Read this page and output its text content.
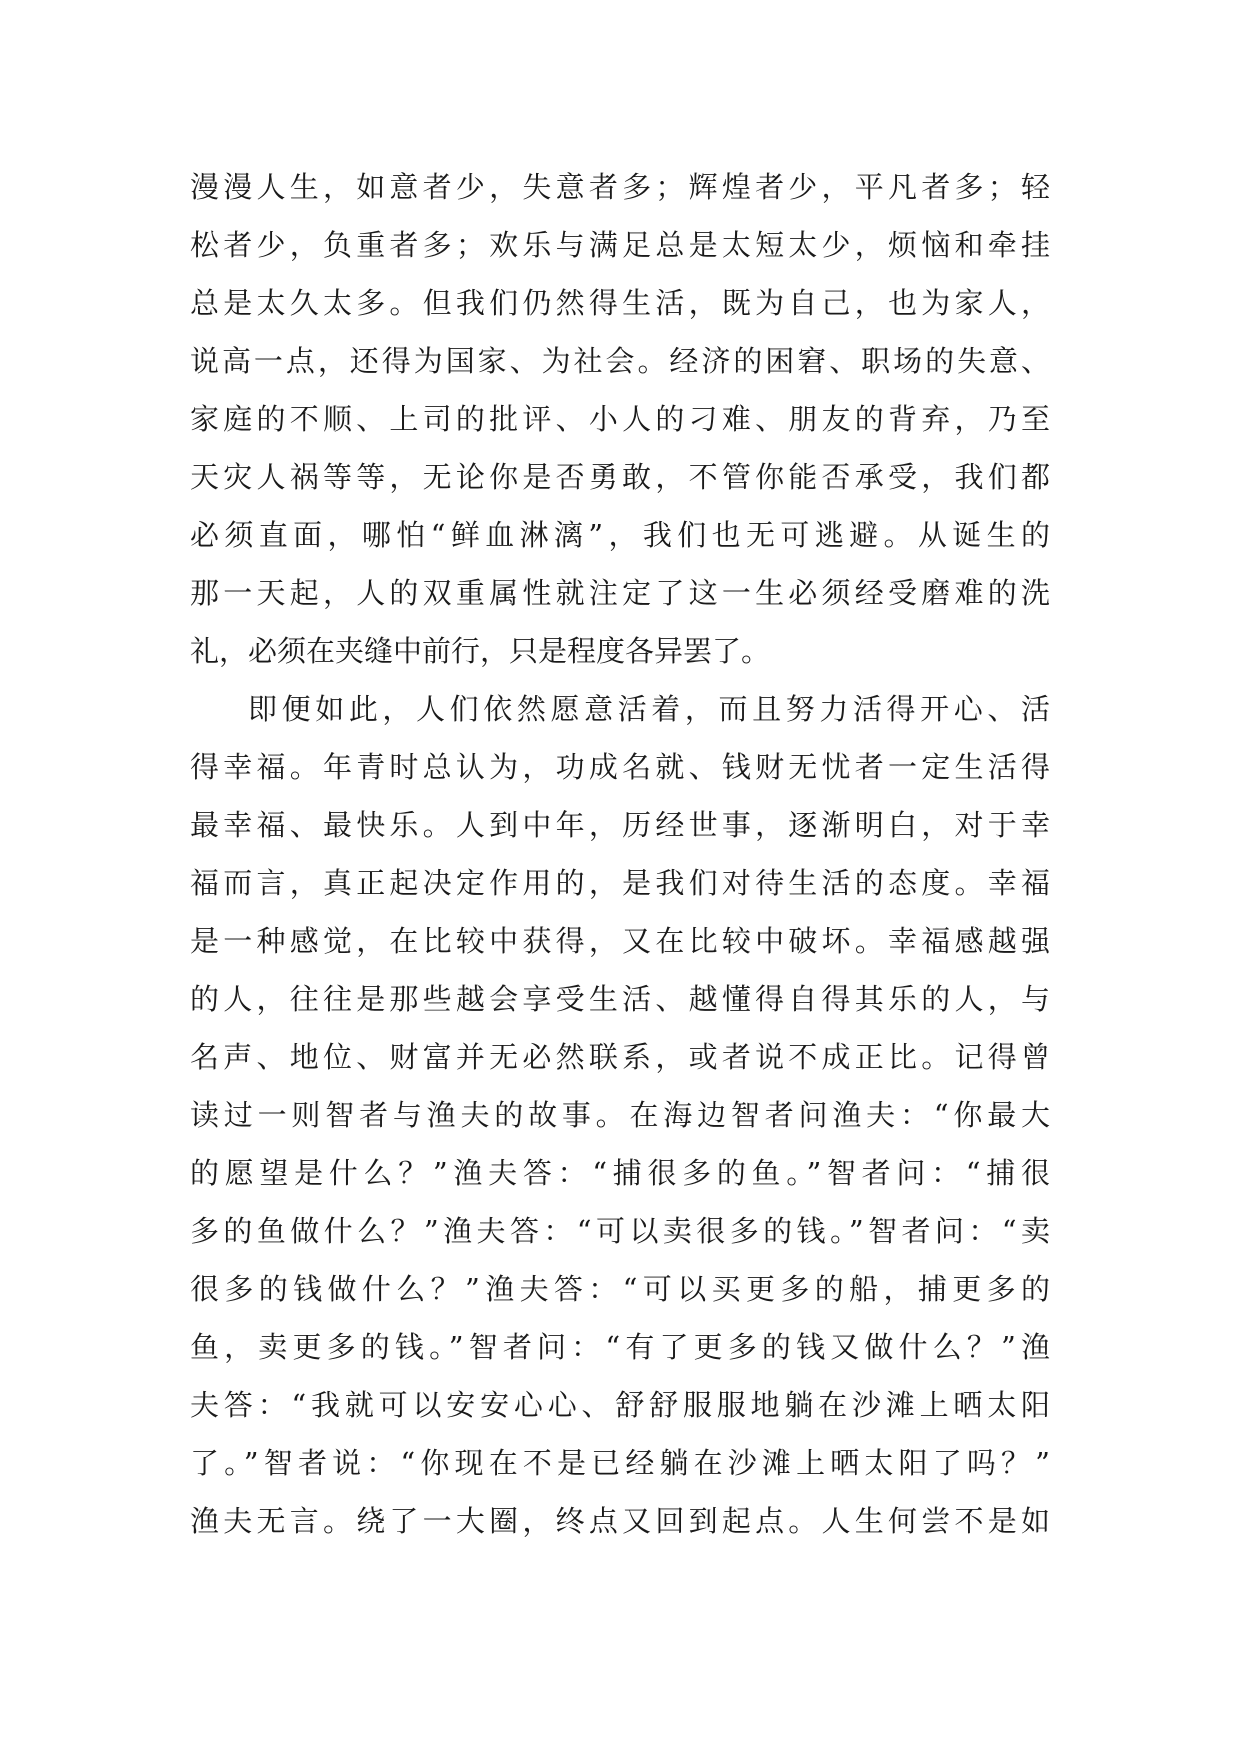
漫漫人生，如意者少，失意者多；辉煌者少，平凡者多；轻
松者少，负重者多；欢乐与满足总是太短太少，烦恼和牵挂
总是太久太多。但我们仍然得生活，既为自己，也为家人，
说高一点，还得为国家、为社会。经济的困窘、职场的失意、
家庭的不顺、上司的批评、小人的刁难、朋友的背弃，乃至
天灾人祸等等，无论你是否勇敢，不管你能否承受，我们都
必须直面，哪怕“鲜血淋漓”，我们也无可逃避。从诞生的
那一天起，人的双重属性就注定了这一生必须经受磨难的洗
礼，必须在夹缝中前行，只是程度各异罢了。
即便如此，人们依然愿意活着，而且努力活得开心、活
得幸福。年青时总认为，功成名就、钱财无忧者一定生活得
最幸福、最快乐。人到中年，历经世事，逐渐明白，对于幸
福而言，真正起决定作用的，是我们对待生活的态度。幸福
是一种感觉，在比较中获得，又在比较中破坏。幸福感越强
的人，往往是那些越会享受生活、越懂得自得其乐的人，与
名声、地位、财富并无必然联系，或者说不成正比。记得曾
读过一则智者与渔夫的故事。在海边智者问渔夫：“你最大
的愿望是什么？”渔夫答：“捕很多的鱼。”智者问：“捕很
多的鱼做什么？”渔夫答：“可以卖很多的钱。”智者问：“卖
很多的钱做什么？”渔夫答：“可以买更多的船，捕更多的
鱼，卖更多的钱。”智者问：“有了更多的钱又做什么？”渔
夫答：“我就可以安安心心、舒舒服服地躺在沙滩上晒太阳
了。”智者说：“你现在不是已经躺在沙滩上晒太阳了吗？”
渔夫无言。绕了一大圈，终点又回到起点。人生何尝不是如
